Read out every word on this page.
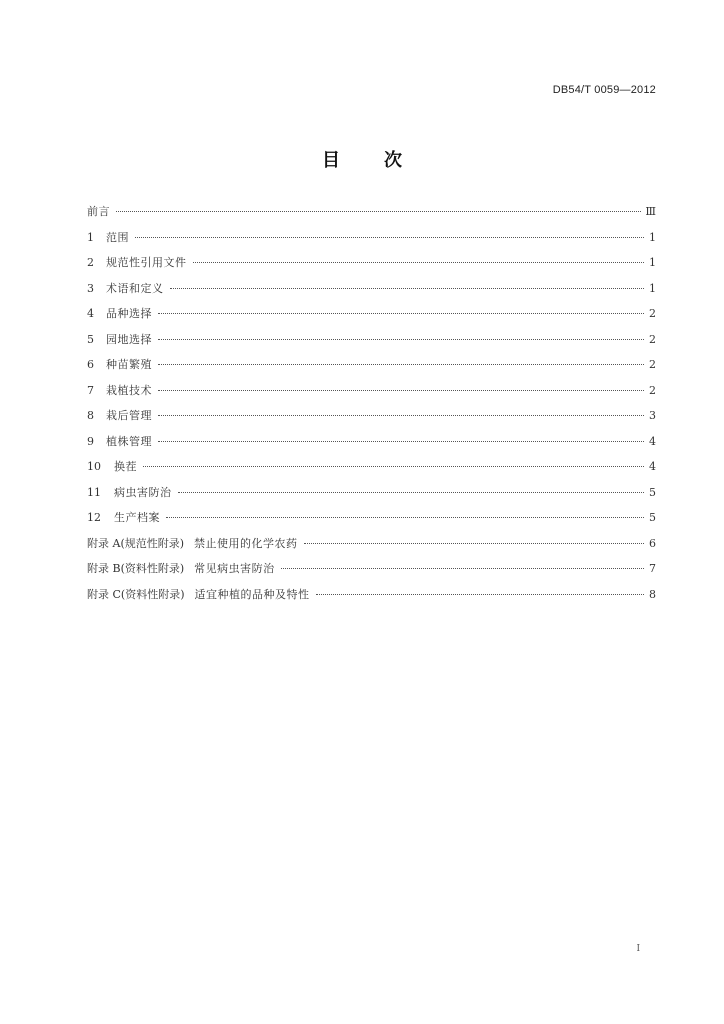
DB54/T 0059—2012
目次
前言	Ⅲ
1	范围	1
2	规范性引用文件	1
3	术语和定义	1
4	品种选择	2
5	园地选择	2
6	种苗繁殖	2
7	栽植技术	2
8	栽后管理	3
9	植株管理	4
10	换茬	4
11	病虫害防治	5
12	生产档案	5
附录 A(规范性附录) 禁止使用的化学农药	6
附录 B(资料性附录) 常见病虫害防治	7
附录 C(资料性附录) 适宜种植的品种及特性	8
I
